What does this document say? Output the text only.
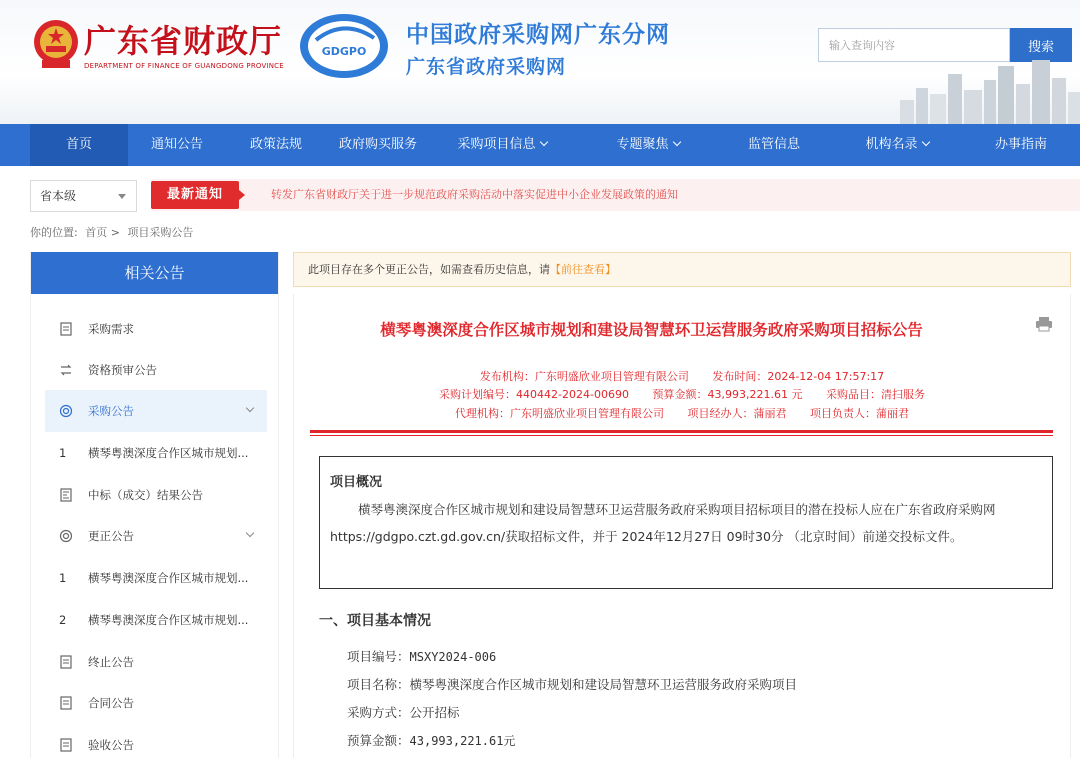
广东省财政厅
DEPARTMENT OF FINANCE OF GUANGDONG PROVINCE
GDGPO
中国政府采购网广东分网
广东省政府采购网
输入查询内容
搜索
首页	通知公告	政策法规	政府购买服务	采购项目信息	专题聚焦	监管信息	机构名录	办事指南
省本级	最新通知	转发广东省财政厅关于进一步规范政府采购活动中落实促进中小企业发展政策的通知
你的位置: 首页 > 项目采购公告
相关公告
采购需求
资格预审公告
采购公告
1 横琴粤澳深度合作区城市规划...
中标（成交）结果公告
更正公告
1 横琴粤澳深度合作区城市规划...
2 横琴粤澳深度合作区城市规划...
终止公告
合同公告
验收公告
此项目存在多个更正公告，如需查看历史信息，请【前往查看】
横琴粤澳深度合作区城市规划和建设局智慧环卫运营服务政府采购项目招标公告
发布机构：广东明盛欣业项目管理有限公司 发布时间：2024-12-04 17:57:17
采购计划编号：440442-2024-00690 预算金额：43,993,221.61 元 采购品目：清扫服务
代理机构：广东明盛欣业项目管理有限公司 项目经办人：蒲丽君 项目负责人：蒲丽君
项目概况
横琴粤澳深度合作区城市规划和建设局智慧环卫运营服务政府采购项目招标项目的潜在投标人应在广东省政府采购网https://gdgpo.czt.gd.gov.cn/获取招标文件，并于 2024年12月27日 09时30分 （北京时间）前递交投标文件。
一、项目基本情况
项目编号：MSXY2024-006
项目名称：横琴粤澳深度合作区城市规划和建设局智慧环卫运营服务政府采购项目
采购方式：公开招标
预算金额：43,993,221.61元
